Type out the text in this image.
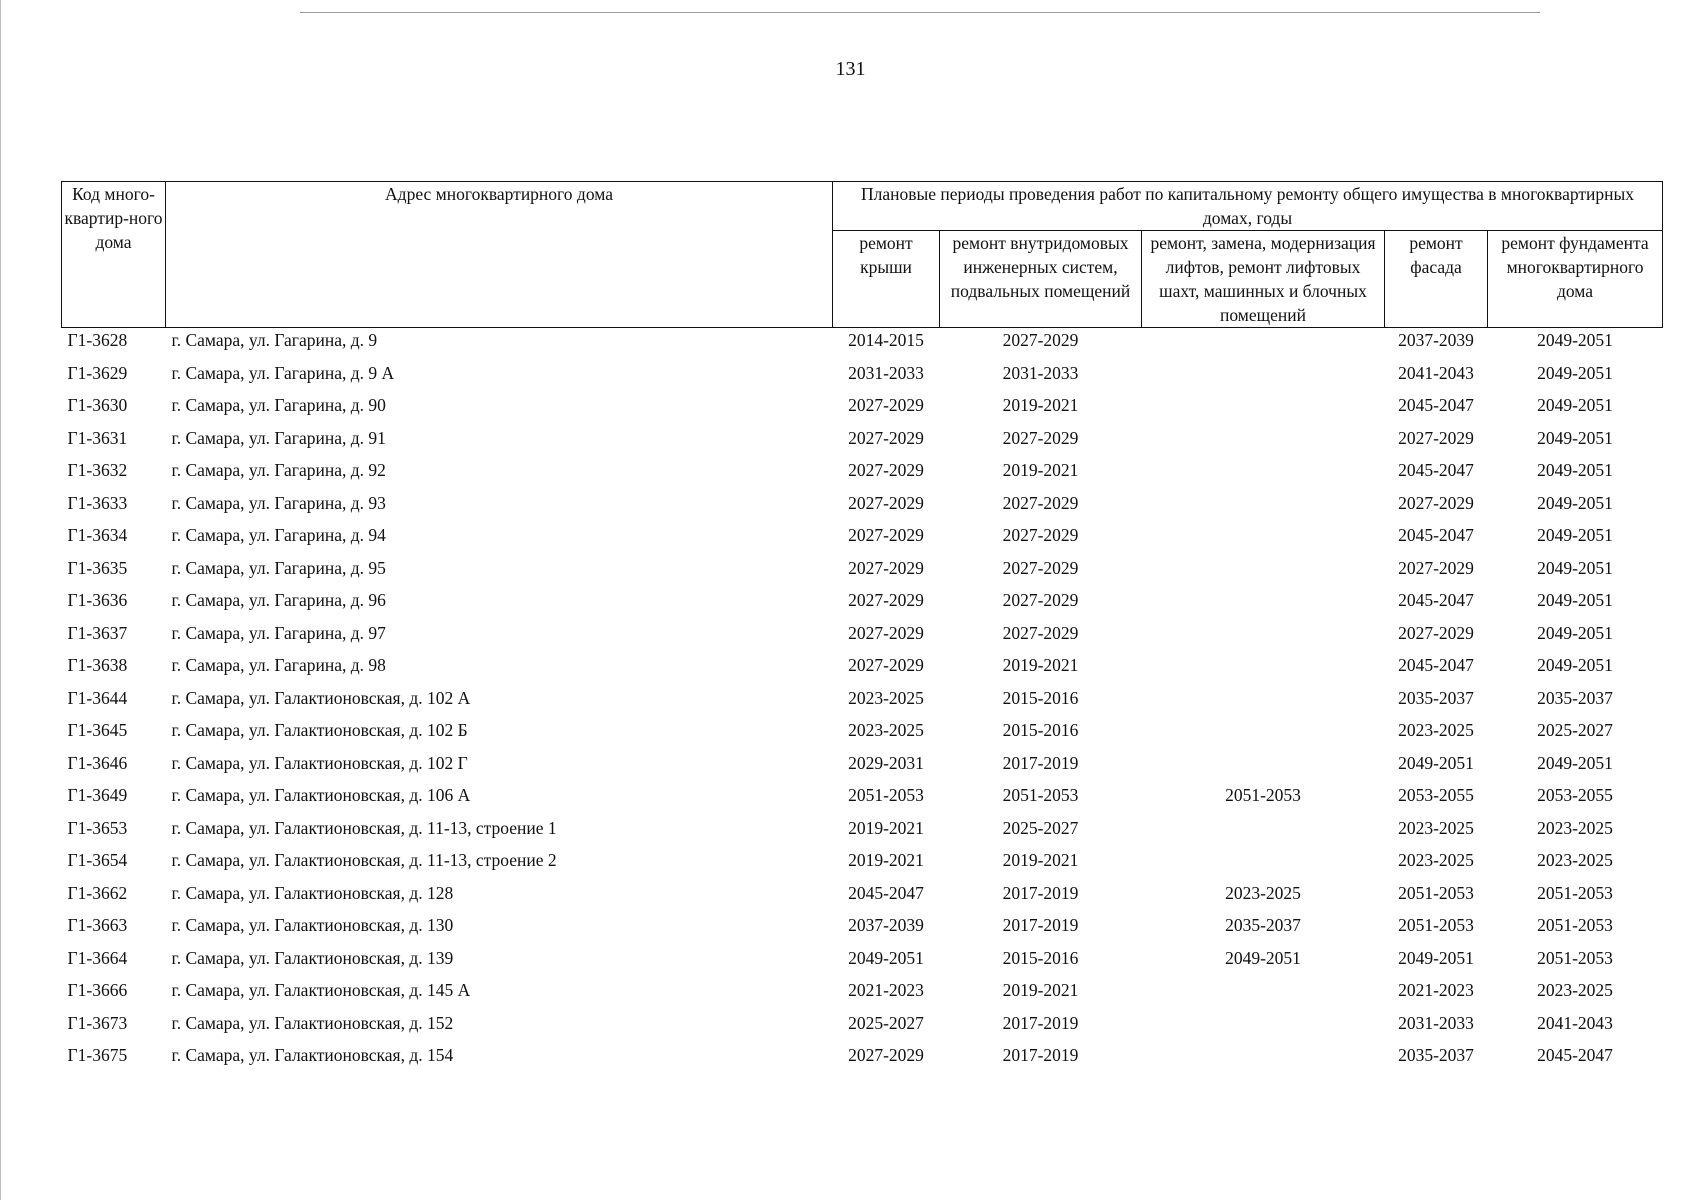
131
Код много-квартир-ного дома	Адрес многоквартирного дома	Плановые периоды проведения работ по капитальному ремонту общего имущества в многоквартирных домах, годы				
		ремонт крыши	ремонт внутридомовых инженерных систем, подвальных помещений	ремонт, замена, модернизация лифтов, ремонт лифтовых шахт, машинных и блочных помещений	ремонт фасада	ремонт фундамента многоквартирного дома
Г1-3628	г. Самара, ул. Гагарина, д. 9	2014-2015	2027-2029		2037-2039	2049-2051
Г1-3629	г. Самара, ул. Гагарина, д. 9 А	2031-2033	2031-2033		2041-2043	2049-2051
Г1-3630	г. Самара, ул. Гагарина, д. 90	2027-2029	2019-2021		2045-2047	2049-2051
Г1-3631	г. Самара, ул. Гагарина, д. 91	2027-2029	2027-2029		2027-2029	2049-2051
Г1-3632	г. Самара, ул. Гагарина, д. 92	2027-2029	2019-2021		2045-2047	2049-2051
Г1-3633	г. Самара, ул. Гагарина, д. 93	2027-2029	2027-2029		2027-2029	2049-2051
Г1-3634	г. Самара, ул. Гагарина, д. 94	2027-2029	2027-2029		2045-2047	2049-2051
Г1-3635	г. Самара, ул. Гагарина, д. 95	2027-2029	2027-2029		2027-2029	2049-2051
Г1-3636	г. Самара, ул. Гагарина, д. 96	2027-2029	2027-2029		2045-2047	2049-2051
Г1-3637	г. Самара, ул. Гагарина, д. 97	2027-2029	2027-2029		2027-2029	2049-2051
Г1-3638	г. Самара, ул. Гагарина, д. 98	2027-2029	2019-2021		2045-2047	2049-2051
Г1-3644	г. Самара, ул. Галактионовская, д. 102 А	2023-2025	2015-2016		2035-2037	2035-2037
Г1-3645	г. Самара, ул. Галактионовская, д. 102 Б	2023-2025	2015-2016		2023-2025	2025-2027
Г1-3646	г. Самара, ул. Галактионовская, д. 102 Г	2029-2031	2017-2019		2049-2051	2049-2051
Г1-3649	г. Самара, ул. Галактионовская, д. 106 А	2051-2053	2051-2053	2051-2053	2053-2055	2053-2055
Г1-3653	г. Самара, ул. Галактионовская, д. 11-13, строение 1	2019-2021	2025-2027		2023-2025	2023-2025
Г1-3654	г. Самара, ул. Галактионовская, д. 11-13, строение 2	2019-2021	2019-2021		2023-2025	2023-2025
Г1-3662	г. Самара, ул. Галактионовская, д. 128	2045-2047	2017-2019	2023-2025	2051-2053	2051-2053
Г1-3663	г. Самара, ул. Галактионовская, д. 130	2037-2039	2017-2019	2035-2037	2051-2053	2051-2053
Г1-3664	г. Самара, ул. Галактионовская, д. 139	2049-2051	2015-2016	2049-2051	2049-2051	2051-2053
Г1-3666	г. Самара, ул. Галактионовская, д. 145 А	2021-2023	2019-2021		2021-2023	2023-2025
Г1-3673	г. Самара, ул. Галактионовская, д. 152	2025-2027	2017-2019		2031-2033	2041-2043
Г1-3675	г. Самара, ул. Галактионовская, д. 154	2027-2029	2017-2019		2035-2037	2045-2047
